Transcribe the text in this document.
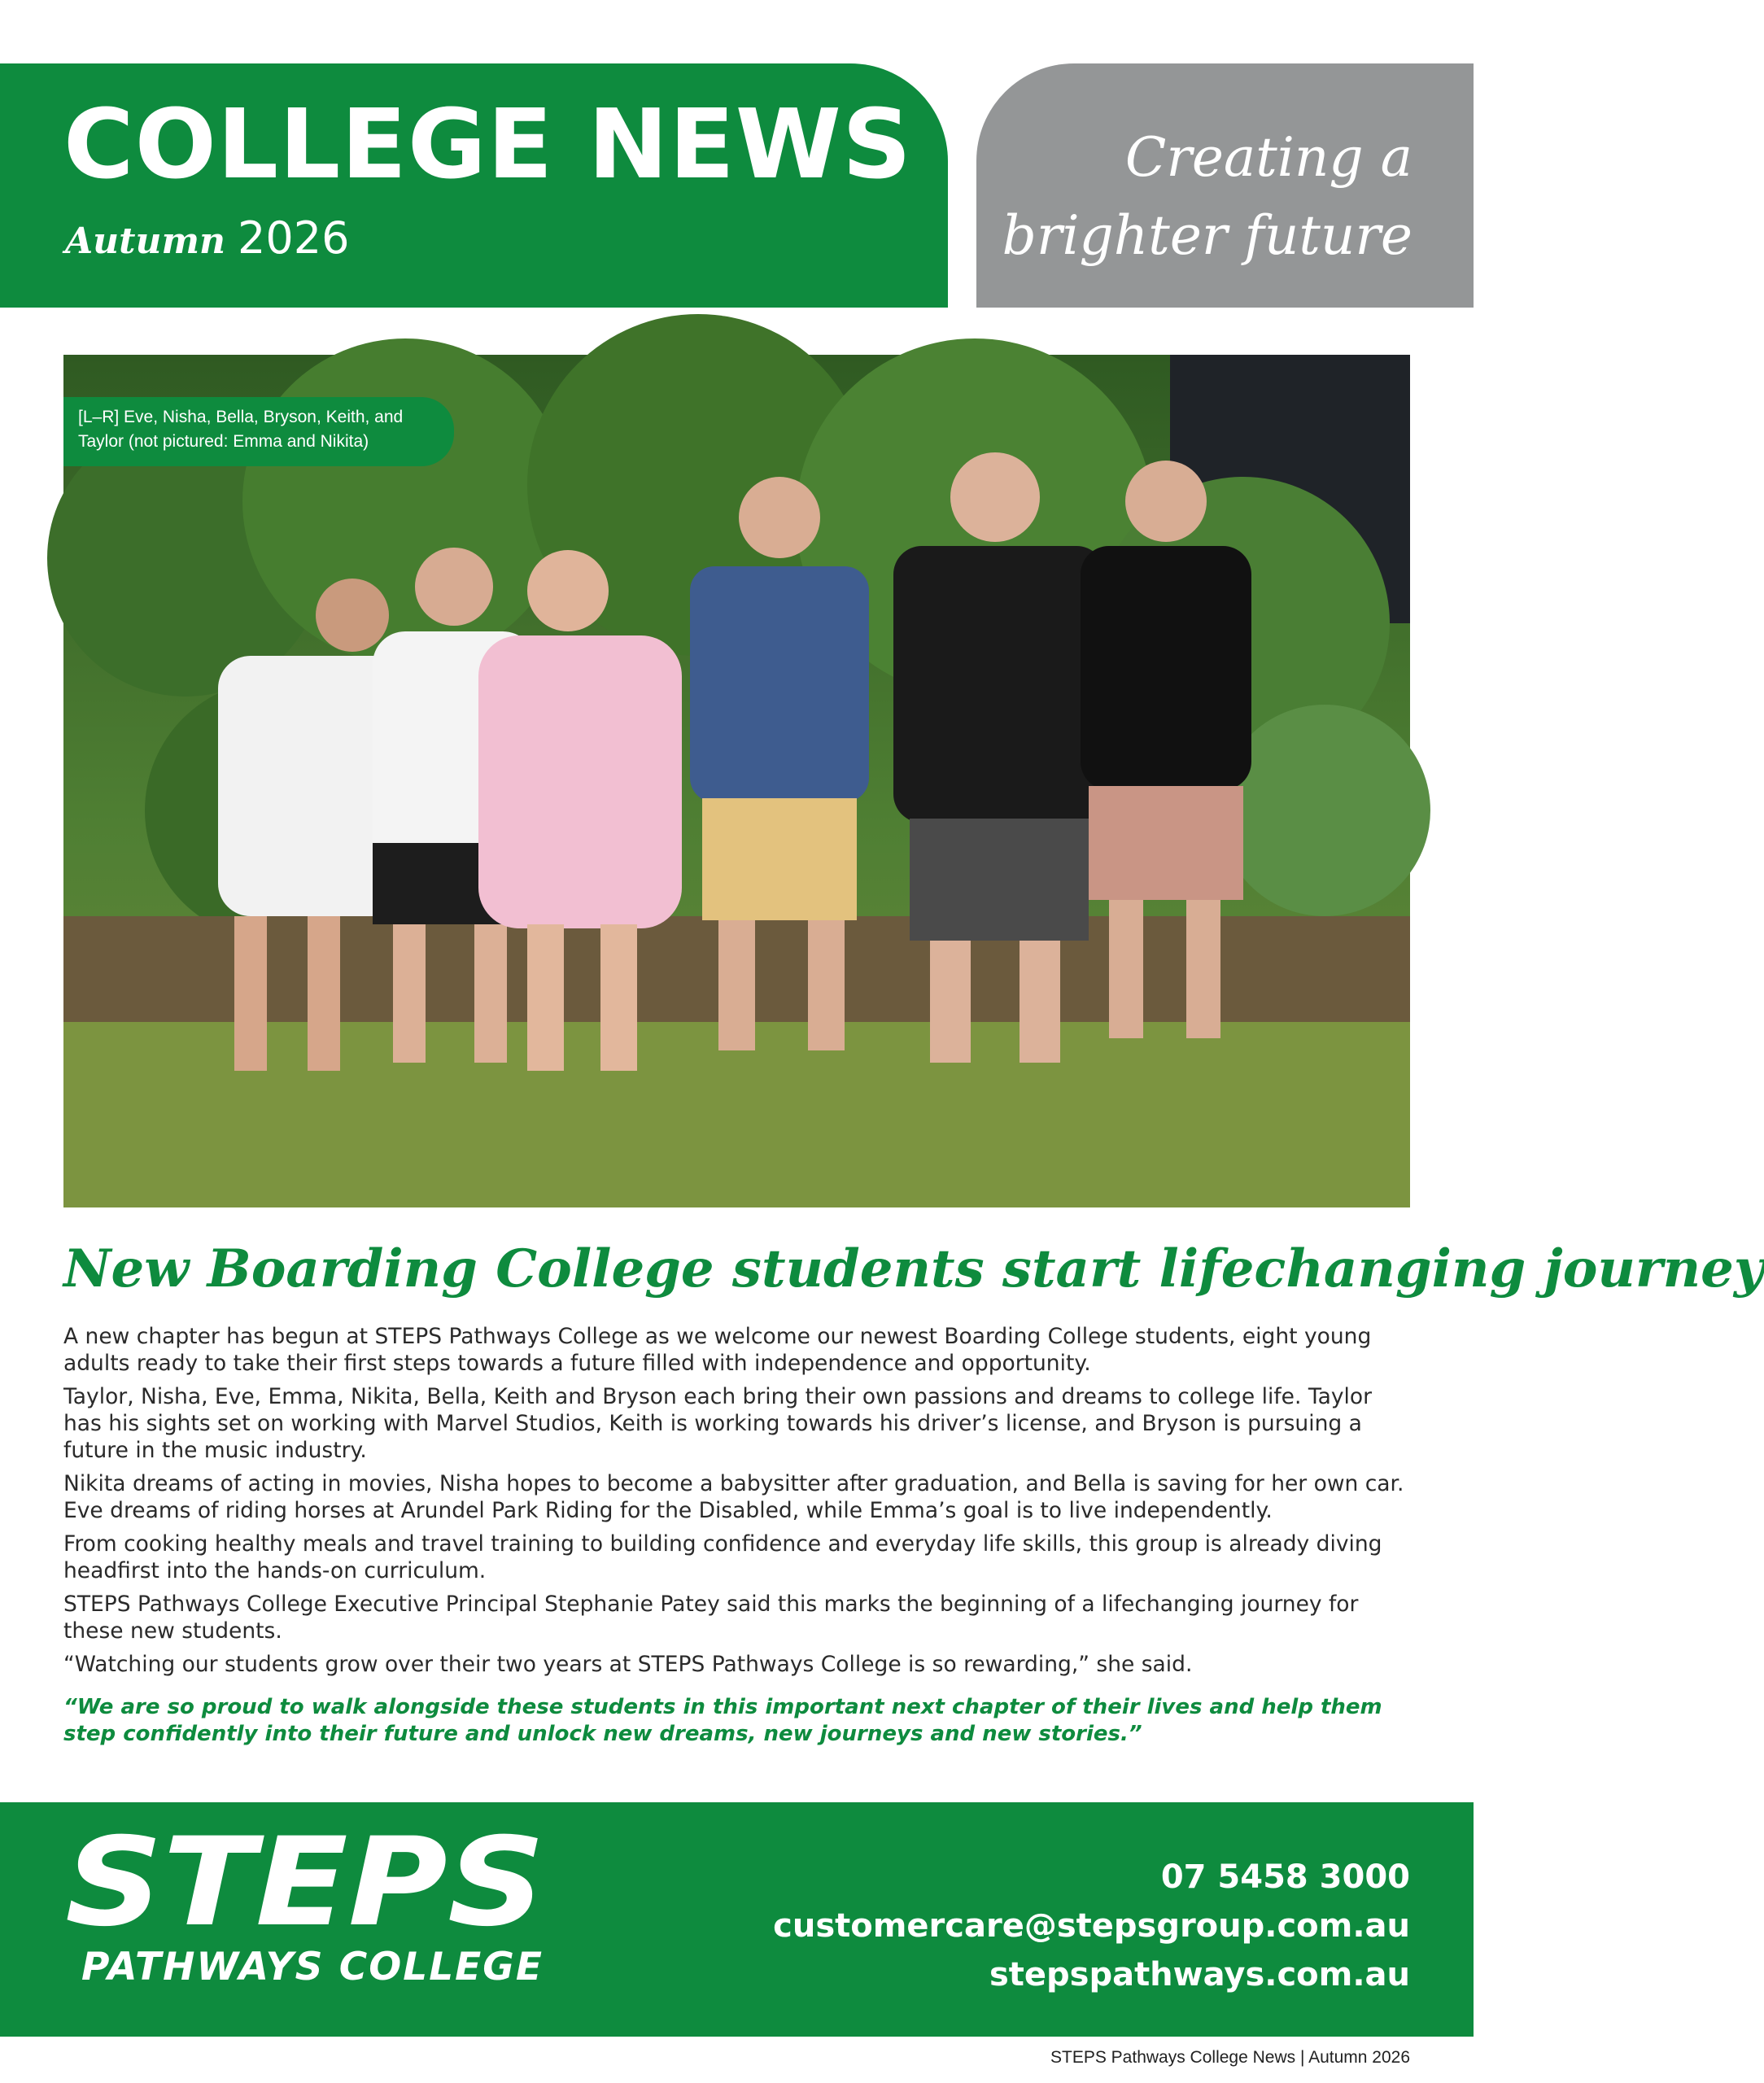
COLLEGE NEWS
Autumn 2026
Creating a
brighter future
[L–R] Eve, Nisha, Bella, Bryson, Keith, and Taylor (not pictured: Emma and Nikita)
New Boarding College students start lifechanging journey

A new chapter has begun at STEPS Pathways College as we welcome our newest Boarding College students, eight young adults ready to take their first steps towards a future filled with independence and opportunity.

Taylor, Nisha, Eve, Emma, Nikita, Bella, Keith and Bryson each bring their own passions and dreams to college life. Taylor has his sights set on working with Marvel Studios, Keith is working towards his driver’s license, and Bryson is pursuing a future in the music industry.

Nikita dreams of acting in movies, Nisha hopes to become a babysitter after graduation, and Bella is saving for her own car. Eve dreams of riding horses at Arundel Park Riding for the Disabled, while Emma’s goal is to live independently.

From cooking healthy meals and travel training to building confidence and everyday life skills, this group is already diving headfirst into the hands-on curriculum.

STEPS Pathways College Executive Principal Stephanie Patey said this marks the beginning of a lifechanging journey for these new students.

“Watching our students grow over their two years at STEPS Pathways College is so rewarding,” she said.

“We are so proud to walk alongside these students in this important next chapter of their lives and help them step confidently into their future and unlock new dreams, new journeys and new stories.”
STEPS
PATHWAYS COLLEGE
07 5458 3000
customercare@stepsgroup.com.au
stepspathways.com.au
STEPS Pathways College News | Autumn 2026
